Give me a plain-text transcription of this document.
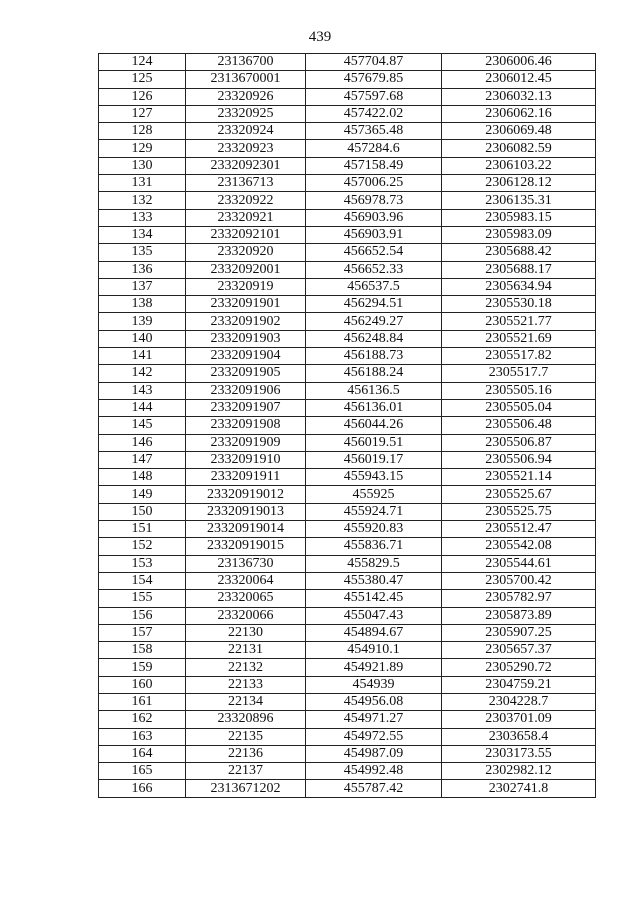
439
124	23136700	457704.87	2306006.46
125	2313670001	457679.85	2306012.45
126	23320926	457597.68	2306032.13
127	23320925	457422.02	2306062.16
128	23320924	457365.48	2306069.48
129	23320923	457284.6	2306082.59
130	2332092301	457158.49	2306103.22
131	23136713	457006.25	2306128.12
132	23320922	456978.73	2306135.31
133	23320921	456903.96	2305983.15
134	2332092101	456903.91	2305983.09
135	23320920	456652.54	2305688.42
136	2332092001	456652.33	2305688.17
137	23320919	456537.5	2305634.94
138	2332091901	456294.51	2305530.18
139	2332091902	456249.27	2305521.77
140	2332091903	456248.84	2305521.69
141	2332091904	456188.73	2305517.82
142	2332091905	456188.24	2305517.7
143	2332091906	456136.5	2305505.16
144	2332091907	456136.01	2305505.04
145	2332091908	456044.26	2305506.48
146	2332091909	456019.51	2305506.87
147	2332091910	456019.17	2305506.94
148	2332091911	455943.15	2305521.14
149	23320919012	455925	2305525.67
150	23320919013	455924.71	2305525.75
151	23320919014	455920.83	2305512.47
152	23320919015	455836.71	2305542.08
153	23136730	455829.5	2305544.61
154	23320064	455380.47	2305700.42
155	23320065	455142.45	2305782.97
156	23320066	455047.43	2305873.89
157	22130	454894.67	2305907.25
158	22131	454910.1	2305657.37
159	22132	454921.89	2305290.72
160	22133	454939	2304759.21
161	22134	454956.08	2304228.7
162	23320896	454971.27	2303701.09
163	22135	454972.55	2303658.4
164	22136	454987.09	2303173.55
165	22137	454992.48	2302982.12
166	2313671202	455787.42	2302741.8
